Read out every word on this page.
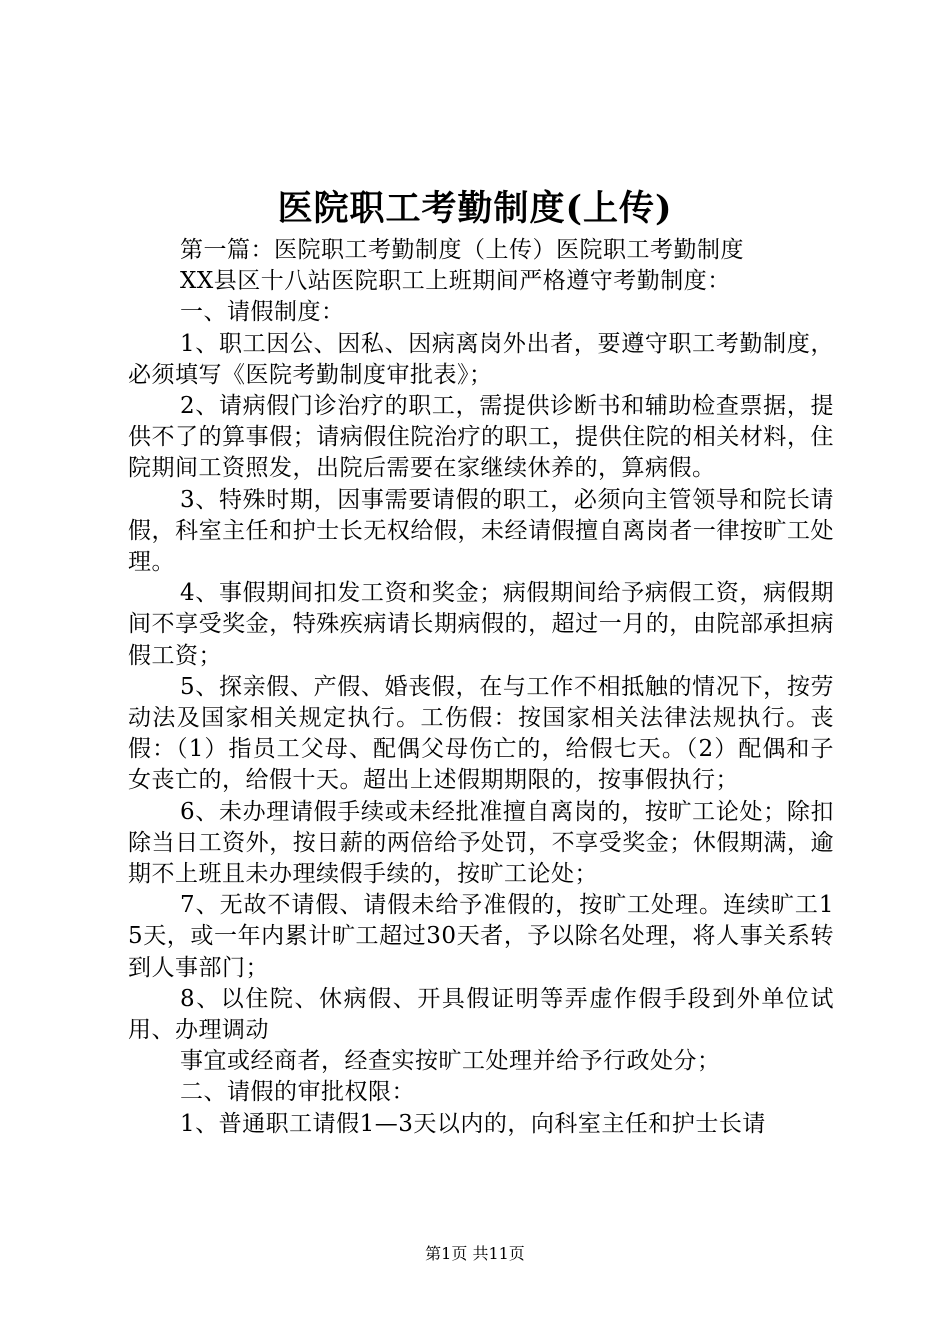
医院职工考勤制度(上传)

第一篇：医院职工考勤制度（上传）医院职工考勤制度

XX县区十八站医院职工上班期间严格遵守考勤制度：

一、请假制度：

1、职工因公、因私、因病离岗外出者，要遵守职工考勤制度，必须填写《医院考勤制度审批表》；

2、请病假门诊治疗的职工，需提供诊断书和辅助检查票据，提供不了的算事假；请病假住院治疗的职工，提供住院的相关材料，住院期间工资照发，出院后需要在家继续休养的，算病假。

3、特殊时期，因事需要请假的职工，必须向主管领导和院长请假，科室主任和护士长无权给假，未经请假擅自离岗者一律按旷工处理。

4、事假期间扣发工资和奖金；病假期间给予病假工资，病假期间不享受奖金，特殊疾病请长期病假的，超过一月的，由院部承担病假工资；

5、探亲假、产假、婚丧假，在与工作不相抵触的情况下，按劳动法及国家相关规定执行。工伤假：按国家相关法律法规执行。丧假：（1）指员工父母、配偶父母伤亡的，给假七天。（2）配偶和子女丧亡的，给假十天。超出上述假期期限的，按事假执行；

6、未办理请假手续或未经批准擅自离岗的，按旷工论处；除扣除当日工资外，按日薪的两倍给予处罚，不享受奖金；休假期满，逾期不上班且未办理续假手续的，按旷工论处；

7、无故不请假、请假未给予准假的，按旷工处理。连续旷工15天，或一年内累计旷工超过30天者，予以除名处理，将人事关系转到人事部门；

8、以住院、休病假、开具假证明等弄虚作假手段到外单位试用、办理调动

事宜或经商者，经查实按旷工处理并给予行政处分；

二、请假的审批权限：

1、普通职工请假1—3天以内的，向科室主任和护士长请

第1页 共11页
